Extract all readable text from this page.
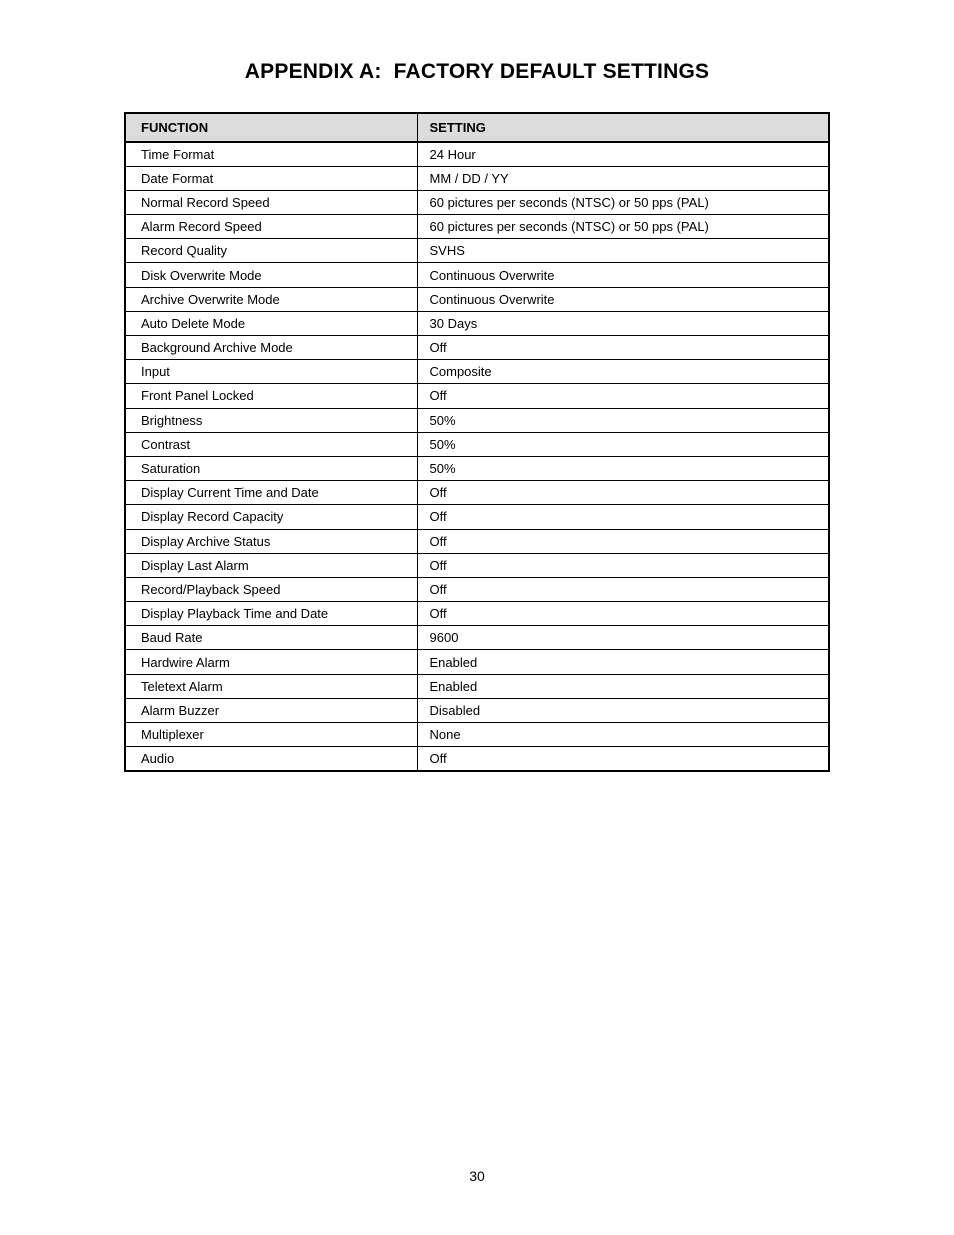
APPENDIX A:  FACTORY DEFAULT SETTINGS
FUNCTION	SETTING
Time Format	24 Hour
Date Format	MM / DD / YY
Normal Record Speed	60 pictures per seconds (NTSC) or 50 pps (PAL)
Alarm Record Speed	60 pictures per seconds (NTSC) or 50 pps (PAL)
Record Quality	SVHS
Disk Overwrite Mode	Continuous Overwrite
Archive Overwrite Mode	Continuous Overwrite
Auto Delete Mode	30 Days
Background Archive Mode	Off
Input	Composite
Front Panel Locked	Off
Brightness	50%
Contrast	50%
Saturation	50%
Display Current Time and Date	Off
Display Record Capacity	Off
Display Archive Status	Off
Display Last Alarm	Off
Record/Playback Speed	Off
Display Playback Time and Date	Off
Baud Rate	9600
Hardwire Alarm	Enabled
Teletext Alarm	Enabled
Alarm Buzzer	Disabled
Multiplexer	None
Audio	Off
30
